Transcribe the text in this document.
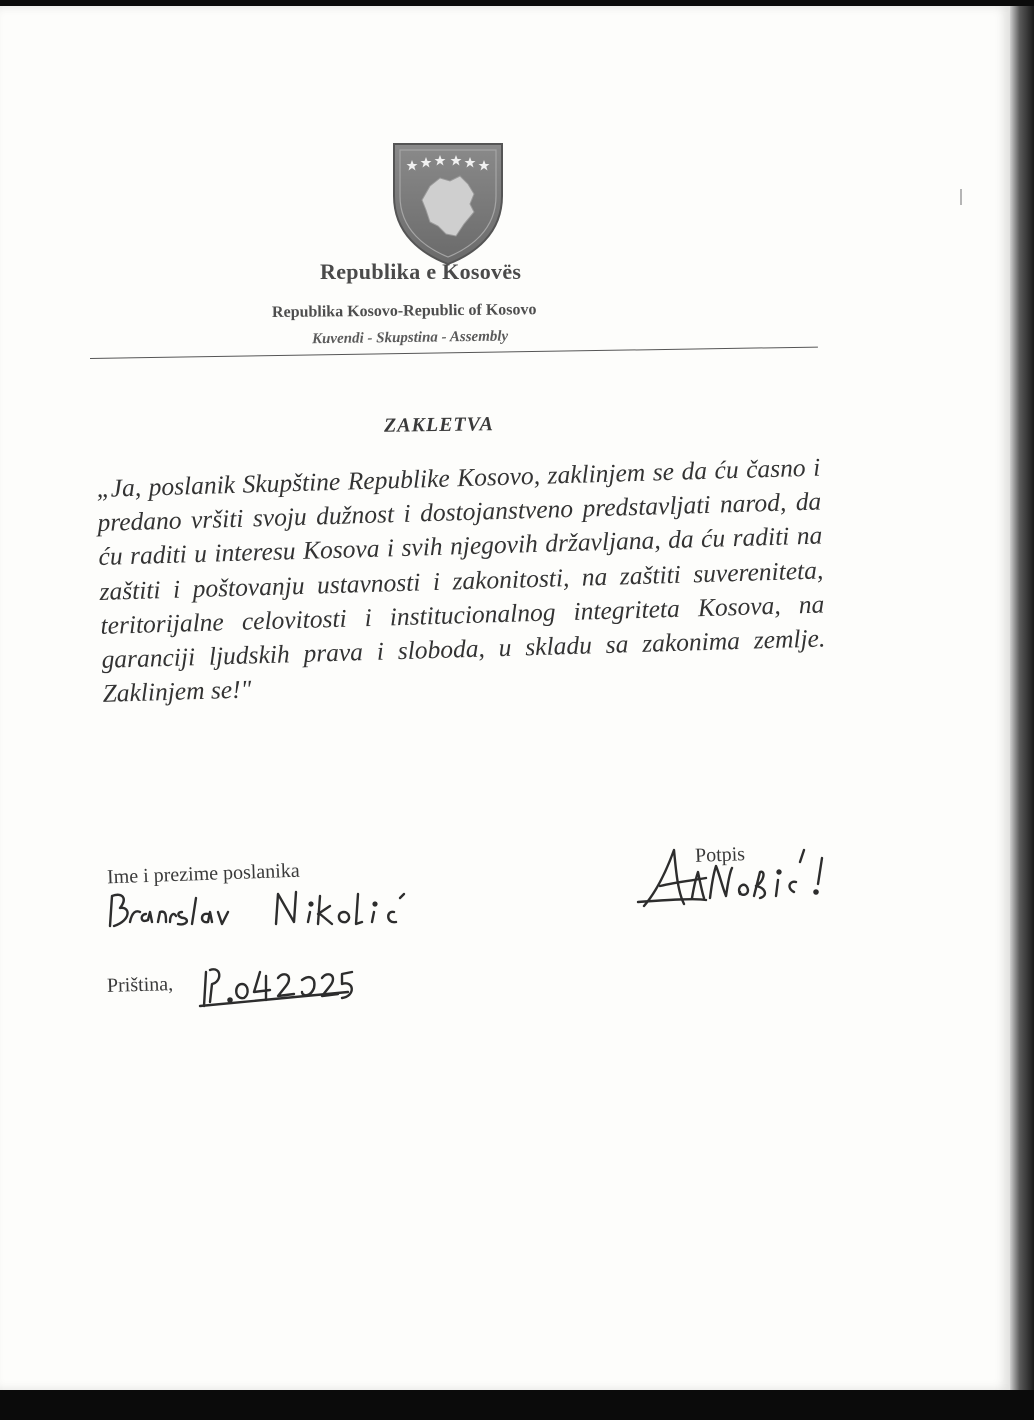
Republika e Kosovës
Republika Kosovo-Republic of Kosovo
Kuvendi - Skupstina - Assembly
ZAKLETVA
„Ja, poslanik Skupštine Republike Kosovo, zaklinjem se da ću časno i predano vršiti svoju dužnost i dostojanstveno predstavljati narod, da ću raditi u interesu Kosova i svih njegovih državljana, da ću raditi na zaštiti i poštovanju ustavnosti i zakonitosti, na zaštiti suvereniteta, teritorijalne celovitosti i institucionalnog integriteta Kosova, na garanciji ljudskih prava i sloboda, u skladu sa zakonima zemlje. Zaklinjem se!"
Ime i prezime poslanika
Potpis
Priština,
